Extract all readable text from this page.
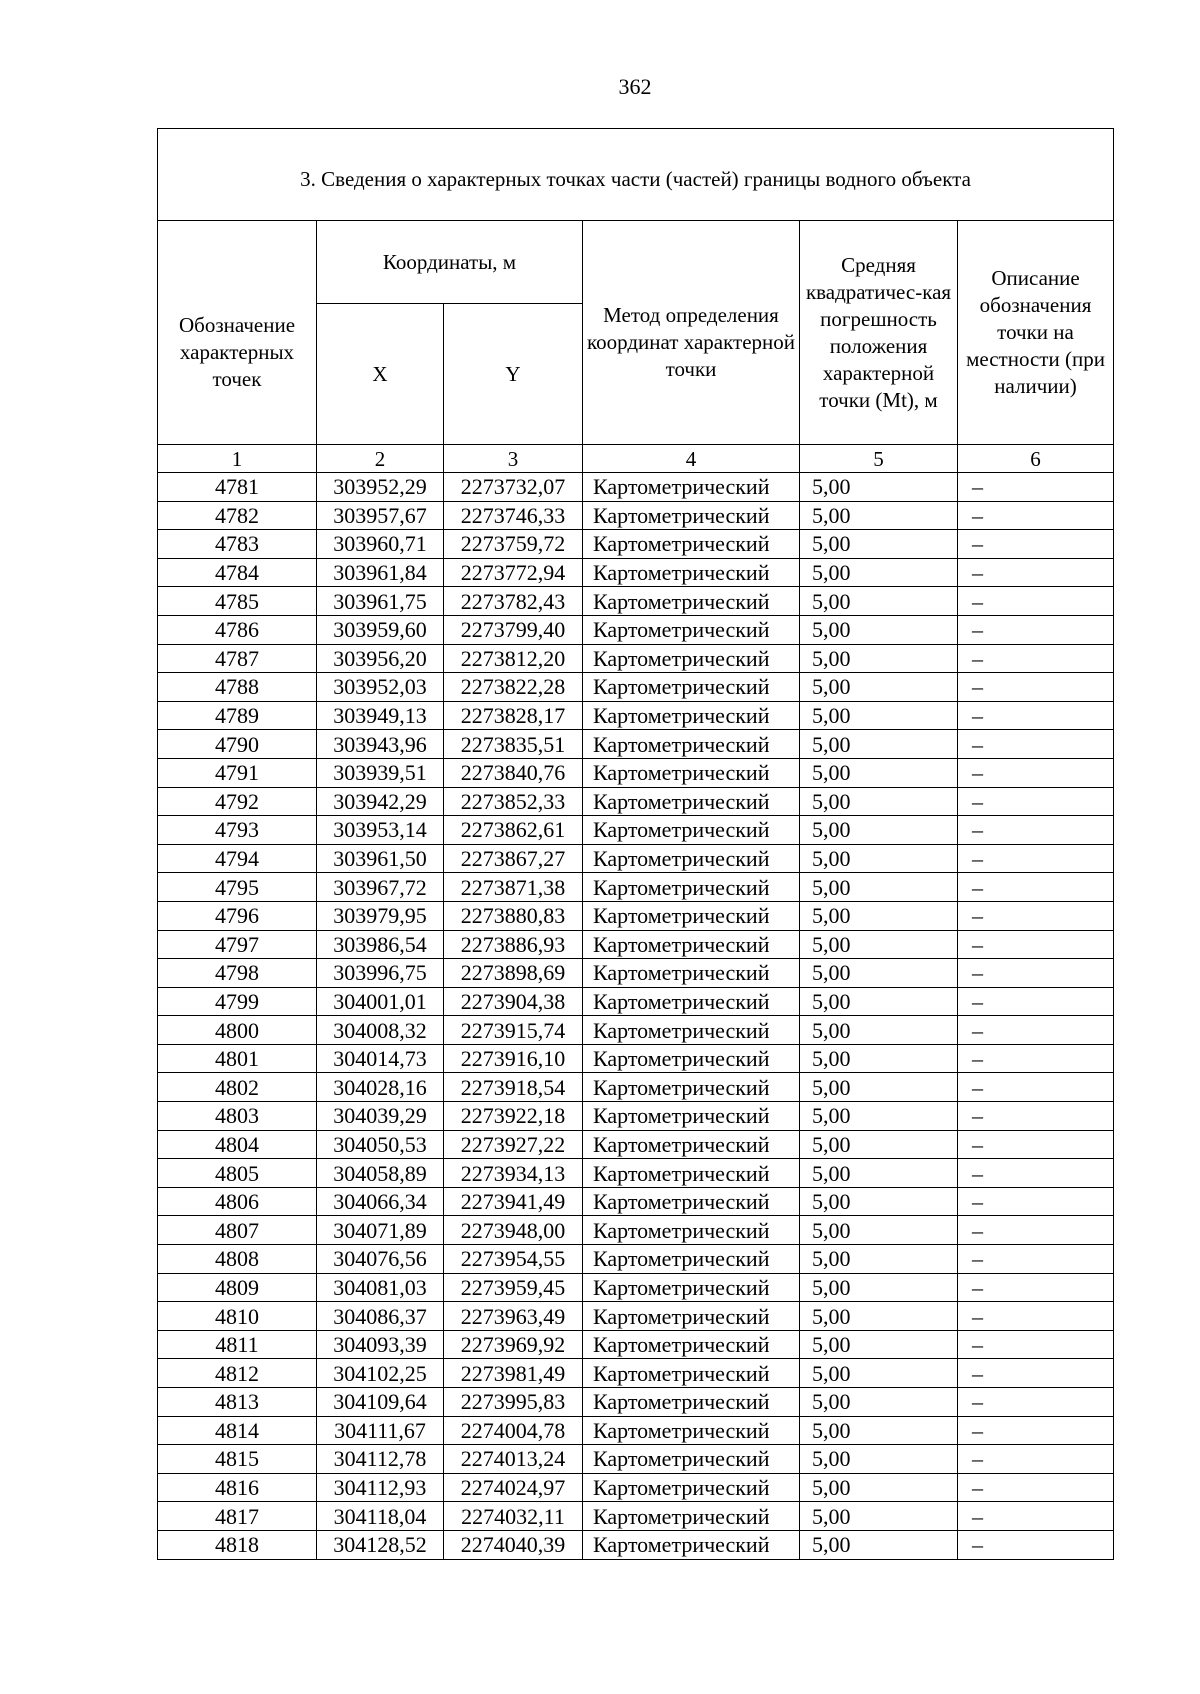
362
3. Сведения о характерных точках части (частей) границы водного объекта					
Обозначение характерных точек	Координаты, м		Метод определения координат характерной точки	Средняя квадратичес-кая погрешность положения характерной точки (Mt), м	Описание обозначения точки на местности (при наличии)
	X	Y			
1	2	3	4	5	6
4781	303952,29	2273732,07	Картометрический	5,00	–
4782	303957,67	2273746,33	Картометрический	5,00	–
4783	303960,71	2273759,72	Картометрический	5,00	–
4784	303961,84	2273772,94	Картометрический	5,00	–
4785	303961,75	2273782,43	Картометрический	5,00	–
4786	303959,60	2273799,40	Картометрический	5,00	–
4787	303956,20	2273812,20	Картометрический	5,00	–
4788	303952,03	2273822,28	Картометрический	5,00	–
4789	303949,13	2273828,17	Картометрический	5,00	–
4790	303943,96	2273835,51	Картометрический	5,00	–
4791	303939,51	2273840,76	Картометрический	5,00	–
4792	303942,29	2273852,33	Картометрический	5,00	–
4793	303953,14	2273862,61	Картометрический	5,00	–
4794	303961,50	2273867,27	Картометрический	5,00	–
4795	303967,72	2273871,38	Картометрический	5,00	–
4796	303979,95	2273880,83	Картометрический	5,00	–
4797	303986,54	2273886,93	Картометрический	5,00	–
4798	303996,75	2273898,69	Картометрический	5,00	–
4799	304001,01	2273904,38	Картометрический	5,00	–
4800	304008,32	2273915,74	Картометрический	5,00	–
4801	304014,73	2273916,10	Картометрический	5,00	–
4802	304028,16	2273918,54	Картометрический	5,00	–
4803	304039,29	2273922,18	Картометрический	5,00	–
4804	304050,53	2273927,22	Картометрический	5,00	–
4805	304058,89	2273934,13	Картометрический	5,00	–
4806	304066,34	2273941,49	Картометрический	5,00	–
4807	304071,89	2273948,00	Картометрический	5,00	–
4808	304076,56	2273954,55	Картометрический	5,00	–
4809	304081,03	2273959,45	Картометрический	5,00	–
4810	304086,37	2273963,49	Картометрический	5,00	–
4811	304093,39	2273969,92	Картометрический	5,00	–
4812	304102,25	2273981,49	Картометрический	5,00	–
4813	304109,64	2273995,83	Картометрический	5,00	–
4814	304111,67	2274004,78	Картометрический	5,00	–
4815	304112,78	2274013,24	Картометрический	5,00	–
4816	304112,93	2274024,97	Картометрический	5,00	–
4817	304118,04	2274032,11	Картометрический	5,00	–
4818	304128,52	2274040,39	Картометрический	5,00	–
